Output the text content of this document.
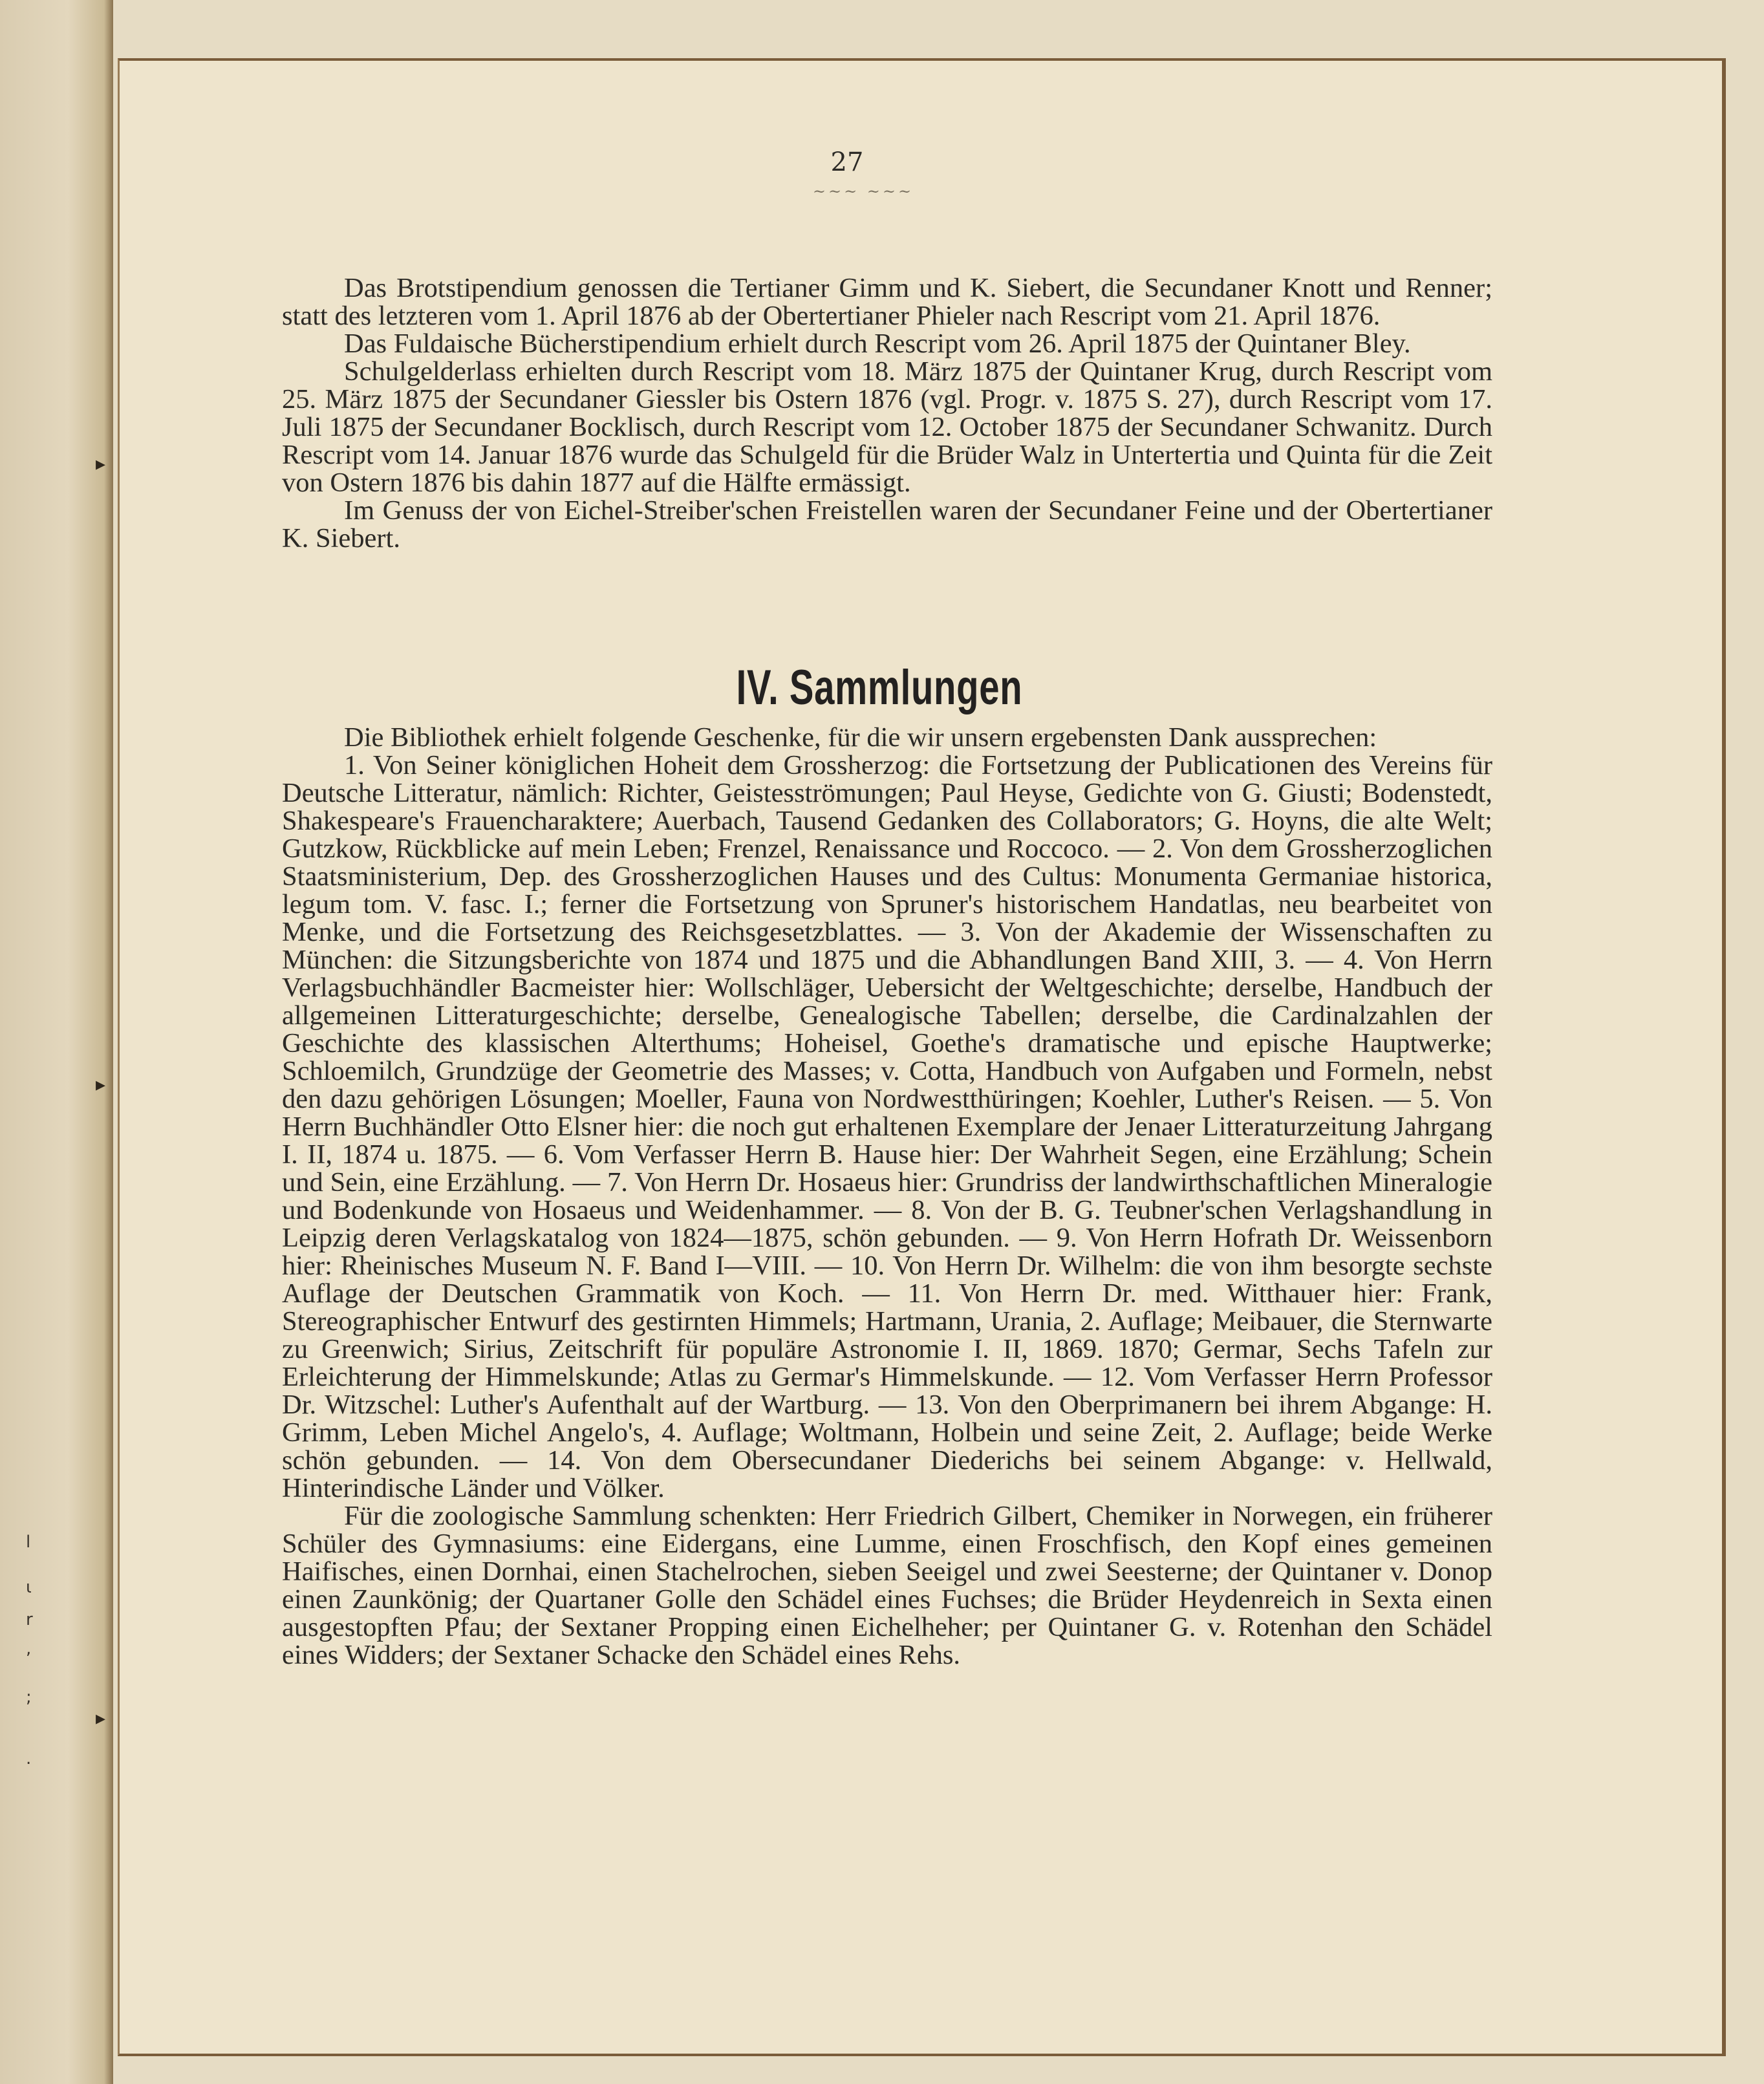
l
ι
r
,
;
.
▸
▸
▸
27
~~~ ~~~

Das Brotstipendium genossen die Tertianer Gimm und K. Siebert, die Secundaner Knott und Renner; statt des letzteren vom 1. April 1876 ab der Obertertianer Phieler nach Rescript vom 21. April 1876.

Das Fuldaische Bücherstipendium erhielt durch Rescript vom 26. April 1875 der Quintaner Bley.

Schulgelderlass erhielten durch Rescript vom 18. März 1875 der Quintaner Krug, durch Rescript vom 25. März 1875 der Secundaner Giessler bis Ostern 1876 (vgl. Progr. v. 1875 S. 27), durch Rescript vom 17. Juli 1875 der Secundaner Bocklisch, durch Rescript vom 12. October 1875 der Secundaner Schwanitz. Durch Rescript vom 14. Januar 1876 wurde das Schulgeld für die Brüder Walz in Untertertia und Quinta für die Zeit von Ostern 1876 bis dahin 1877 auf die Hälfte ermässigt.

Im Genuss der von Eichel-Streiber'schen Freistellen waren der Secundaner Feine und der Obertertianer K. Siebert.

IV. Sammlungen

Die Bibliothek erhielt folgende Geschenke, für die wir unsern ergebensten Dank aussprechen:

1. Von Seiner königlichen Hoheit dem Grossherzog: die Fortsetzung der Publicationen des Vereins für Deutsche Litteratur, nämlich: Richter, Geistesströmungen; Paul Heyse, Gedichte von G. Giusti; Bodenstedt, Shakespeare's Frauencharaktere; Auerbach, Tausend Gedanken des Collaborators; G. Hoyns, die alte Welt; Gutzkow, Rückblicke auf mein Leben; Frenzel, Renaissance und Roccoco. — 2. Von dem Grossherzoglichen Staatsministerium, Dep. des Grossherzoglichen Hauses und des Cultus: Monumenta Germaniae historica, legum tom. V. fasc. I.; ferner die Fortsetzung von Spruner's historischem Handatlas, neu bearbeitet von Menke, und die Fortsetzung des Reichsgesetzblattes. — 3. Von der Akademie der Wissenschaften zu München: die Sitzungsberichte von 1874 und 1875 und die Abhandlungen Band XIII, 3. — 4. Von Herrn Verlagsbuchhändler Bacmeister hier: Wollschläger, Uebersicht der Weltgeschichte; derselbe, Handbuch der allgemeinen Litteraturgeschichte; derselbe, Genealogische Tabellen; derselbe, die Cardinalzahlen der Geschichte des klassischen Alterthums; Hoheisel, Goethe's dramatische und epische Hauptwerke; Schloemilch, Grundzüge der Geometrie des Masses; v. Cotta, Handbuch von Aufgaben und Formeln, nebst den dazu gehörigen Lösungen; Moeller, Fauna von Nordwestthüringen; Koehler, Luther's Reisen. — 5. Von Herrn Buchhändler Otto Elsner hier: die noch gut erhaltenen Exemplare der Jenaer Litteraturzeitung Jahrgang I. II, 1874 u. 1875. — 6. Vom Verfasser Herrn B. Hause hier: Der Wahrheit Segen, eine Erzählung; Schein und Sein, eine Erzählung. — 7. Von Herrn Dr. Hosaeus hier: Grundriss der landwirthschaftlichen Mineralogie und Bodenkunde von Hosaeus und Weidenhammer. — 8. Von der B. G. Teubner'schen Verlagshandlung in Leipzig deren Verlagskatalog von 1824—1875, schön gebunden. — 9. Von Herrn Hofrath Dr. Weissenborn hier: Rheinisches Museum N. F. Band I—VIII. — 10. Von Herrn Dr. Wilhelm: die von ihm besorgte sechste Auflage der Deutschen Grammatik von Koch. — 11. Von Herrn Dr. med. Witthauer hier: Frank, Stereographischer Entwurf des gestirnten Himmels; Hartmann, Urania, 2. Auflage; Meibauer, die Sternwarte zu Greenwich; Sirius, Zeitschrift für populäre Astronomie I. II, 1869. 1870; Germar, Sechs Tafeln zur Erleichterung der Himmelskunde; Atlas zu Germar's Himmelskunde. — 12. Vom Verfasser Herrn Professor Dr. Witzschel: Luther's Aufenthalt auf der Wartburg. — 13. Von den Oberprimanern bei ihrem Abgange: H. Grimm, Leben Michel Angelo's, 4. Auflage; Woltmann, Holbein und seine Zeit, 2. Auflage; beide Werke schön gebunden. — 14. Von dem Obersecundaner Diederichs bei seinem Abgange: v. Hellwald, Hinterindische Länder und Völker.

Für die zoologische Sammlung schenkten: Herr Friedrich Gilbert, Chemiker in Norwegen, ein früherer Schüler des Gymnasiums: eine Eidergans, eine Lumme, einen Froschfisch, den Kopf eines gemeinen Haifisches, einen Dornhai, einen Stachelrochen, sieben Seeigel und zwei Seesterne; der Quintaner v. Donop einen Zaunkönig; der Quartaner Golle den Schädel eines Fuchses; die Brüder Heydenreich in Sexta einen ausgestopften Pfau; der Sextaner Propping einen Eichelheher; per Quintaner G. v. Rotenhan den Schädel eines Widders; der Sextaner Schacke den Schädel eines Rehs.
